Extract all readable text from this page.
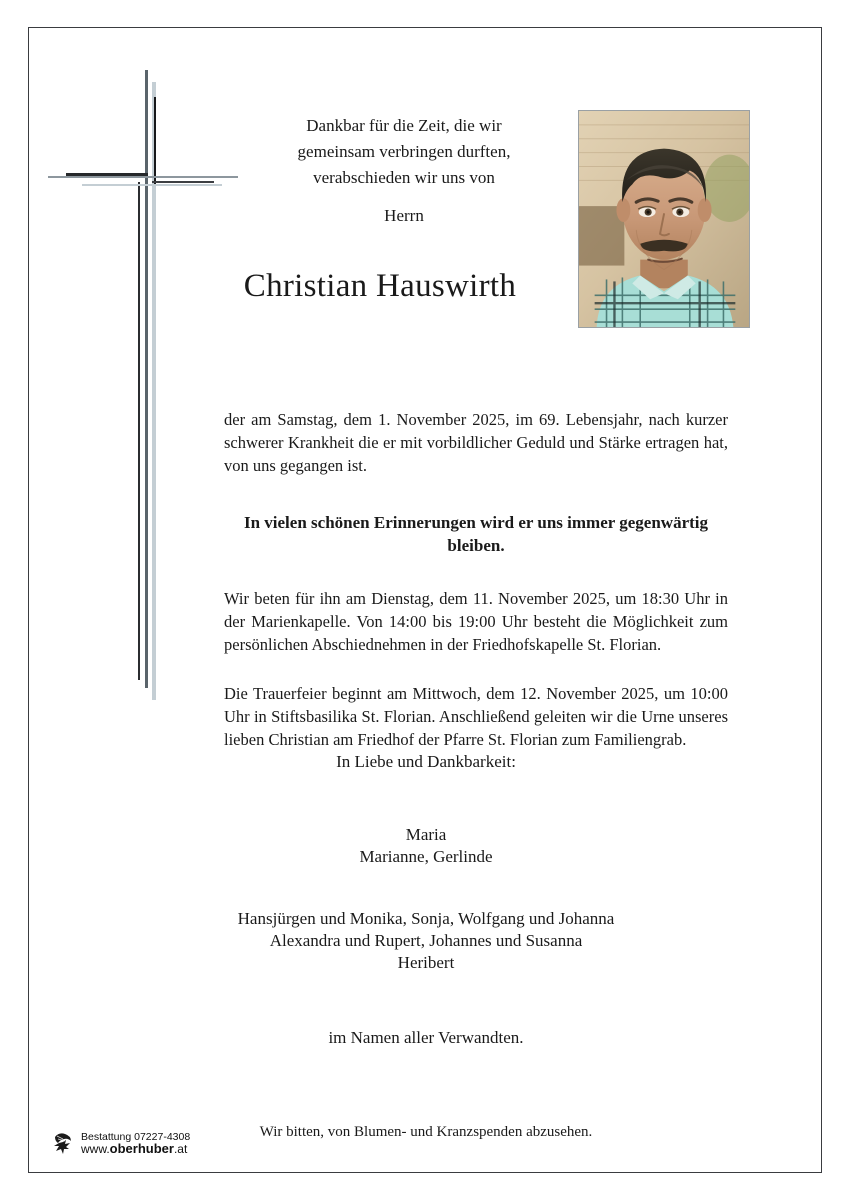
Dankbar für die Zeit, die wir
gemeinsam verbringen durften,
verabschieden wir uns von
Herrn
Christian Hauswirth

der am Samstag, dem 1. November 2025, im 69. Lebensjahr, nach kurzer schwerer Krankheit die er mit vorbildlicher Geduld und Stärke ertragen hat, von uns gegangen ist.

In vielen schönen Erinnerungen wird er uns immer gegenwärtig bleiben.

Wir beten für ihn am Dienstag, dem 11. November 2025, um 18:30 Uhr in der Marienkapelle. Von 14:00 bis 19:00 Uhr besteht die Möglichkeit zum persönlichen Abschiednehmen in der Friedhofskapelle St. Florian.

Die Trauerfeier beginnt am Mittwoch, dem 12. November 2025, um 10:00 Uhr in Stiftsbasilika St. Florian. Anschließend geleiten wir die Urne unseres lieben Christian am Friedhof der Pfarre St. Florian zum Familiengrab.

In Liebe und Dankbarkeit:
Maria
Marianne, Gerlinde
Hansjürgen und Monika, Sonja, Wolfgang und Johanna
Alexandra und Rupert, Johannes und Susanna
Heribert
im Namen aller Verwandten.
Wir bitten, von Blumen- und Kranzspenden abzusehen.
Bestattung 07227-4308
www.oberhuber.at
